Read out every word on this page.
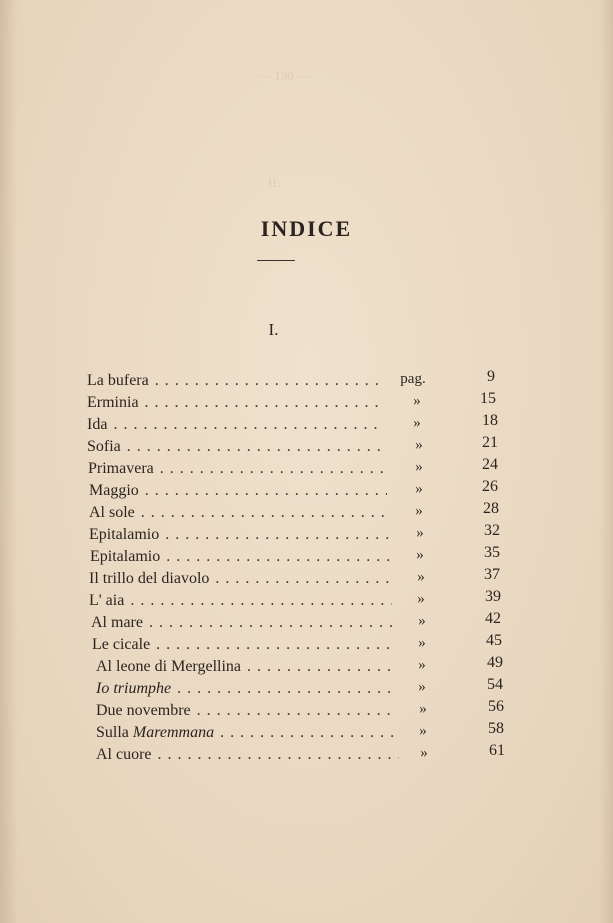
— 190 —
II.
INDICE
I.
La bufera . . .	pag.	9
Erminia . . .	»	15
Ida . . .	»	18
Sofia . . .	»	21
Primavera . . .	»	24
Maggio . . .	»	26
Al sole . . .	»	28
Epitalamio . . .	»	32
Epitalamio . . .	»	35
Il trillo del diavolo . . .	»	37
L' aia . . .	»	39
Al mare . . .	»	42
Le cicale . . .	»	45
Al leone di Mergellina . . .	»	49
Io triumphe . . .	»	54
Due novembre . . .	»	56
Sulla Maremmana . . .	»	58
Al cuore . . .	»	61
